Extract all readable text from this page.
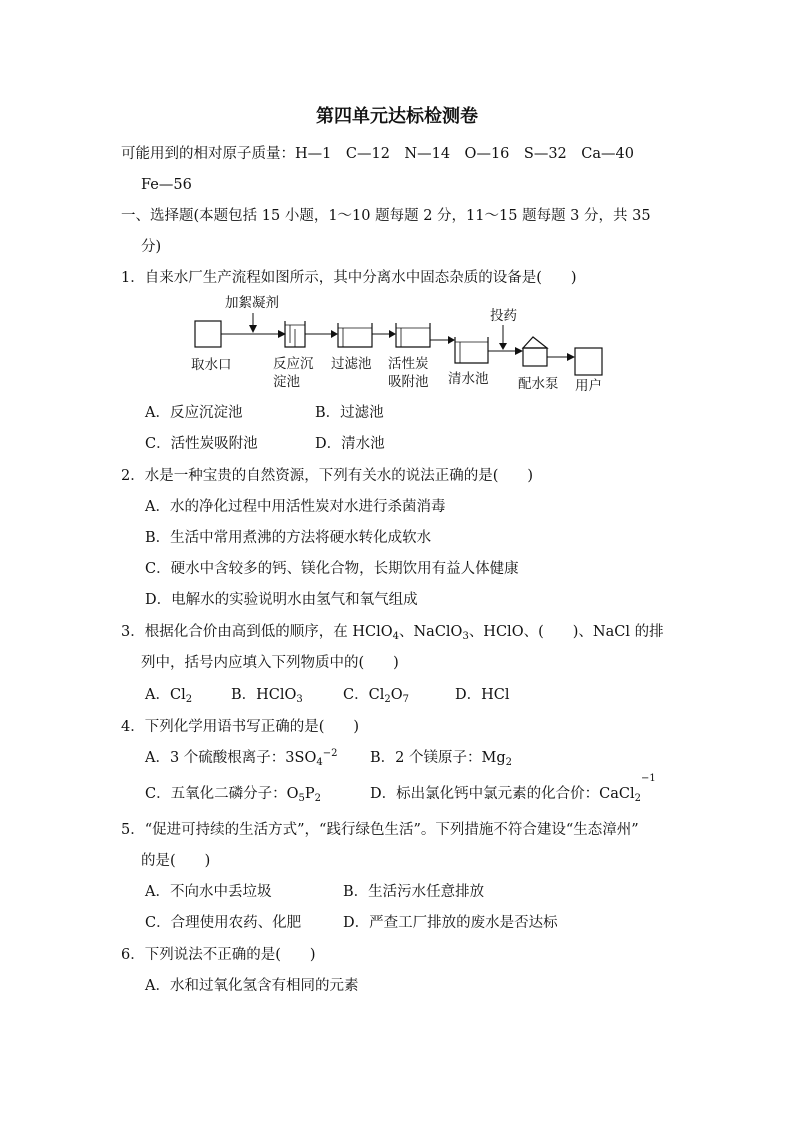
第四单元达标检测卷
可能用到的相对原子质量：H—1　C—12　N—14　O—16　S—32　Ca—40
Fe—56
一、选择题(本题包括 15 小题，1～10 题每题 2 分，11～15 题每题 3 分，共 35
分)
1．自来水厂生产流程如图所示，其中分离水中固态杂质的设备是(　　)
加絮凝剂
反应沉
淀池
过滤池 活性炭
吸附池 清水池
投药
配水泵 用户
取水口
A．反应沉淀池	B．过滤池
C．活性炭吸附池	D．清水池
2．水是一种宝贵的自然资源，下列有关水的说法正确的是(　　)
A．水的净化过程中用活性炭对水进行杀菌消毒
B．生活中常用煮沸的方法将硬水转化成软水
C．硬水中含较多的钙、镁化合物，长期饮用有益人体健康
D．电解水的实验说明水由氢气和氧气组成
3．根据化合价由高到低的顺序，在 HClO$_4$、NaClO$_3$、HClO、(　　)、NaCl 的排
列中，括号内应填入下列物质中的(　　)
A．$Cl_2$	B．HClO$_3$	C．$Cl_2O_7$	D．HCl
4．下列化学用语书写正确的是(　　)
A．3 个硫酸根离子：$3SO_4^{-2}$ B．2 个镁原子：$Mg_2$
C．五氧化二磷分子：$O_5P_2$	D．标出氯化钙中氯元素的化合价：CaCl$_2$
−1
5．“促进可持续的生活方式”，“践行绿色生活”。下列措施不符合建设“生态漳州”
的是(　　)
A．不向水中丢垃圾	B．生活污水任意排放
C．合理使用农药、化肥	D．严查工厂排放的废水是否达标
6．下列说法不正确的是(　　)
A．水和过氧化氢含有相同的元素
